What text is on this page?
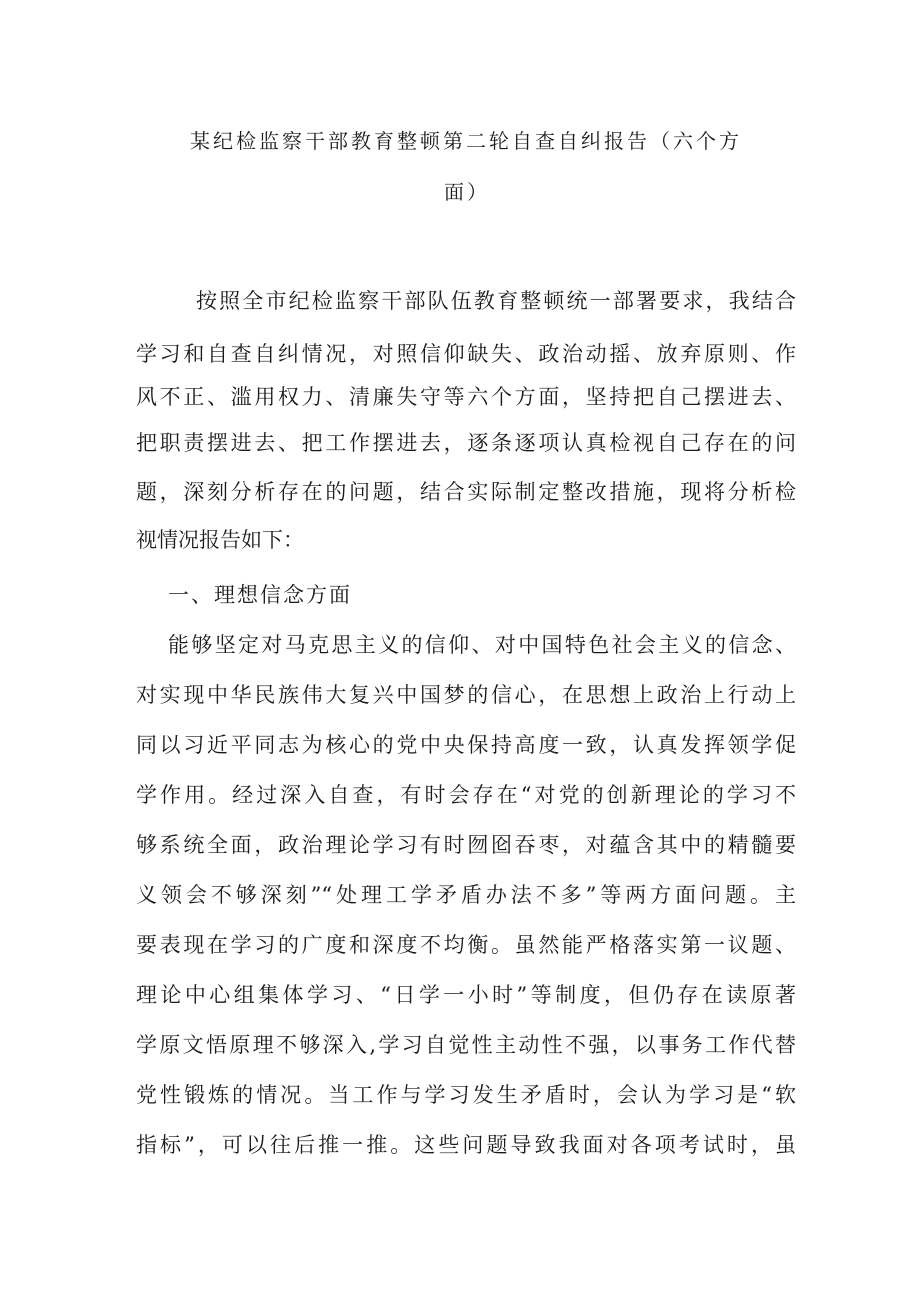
某纪检监察干部教育整顿第二轮自查自纠报告（六个方
面）
按照全市纪检监察干部队伍教育整顿统一部署要求，我结合
学习和自查自纠情况，对照信仰缺失、政治动摇、放弃原则、作
风不正、滥用权力、清廉失守等六个方面，坚持把自己摆进去、
把职责摆进去、把工作摆进去，逐条逐项认真检视自己存在的问
题，深刻分析存在的问题，结合实际制定整改措施，现将分析检
视情况报告如下：
一、理想信念方面
能够坚定对马克思主义的信仰、对中国特色社会主义的信念、
对实现中华民族伟大复兴中国梦的信心，在思想上政治上行动上
同以习近平同志为核心的党中央保持高度一致，认真发挥领学促
学作用。经过深入自查，有时会存在“对党的创新理论的学习不
够系统全面，政治理论学习有时囫囵吞枣，对蕴含其中的精髓要
义领会不够深刻”“处理工学矛盾办法不多”等两方面问题。主
要表现在学习的广度和深度不均衡。虽然能严格落实第一议题、
理论中心组集体学习、“日学一小时”等制度，但仍存在读原著
学原文悟原理不够深入,学习自觉性主动性不强，以事务工作代替
党性锻炼的情况。当工作与学习发生矛盾时，会认为学习是“软
指标”，可以往后推一推。这些问题导致我面对各项考试时，虽
